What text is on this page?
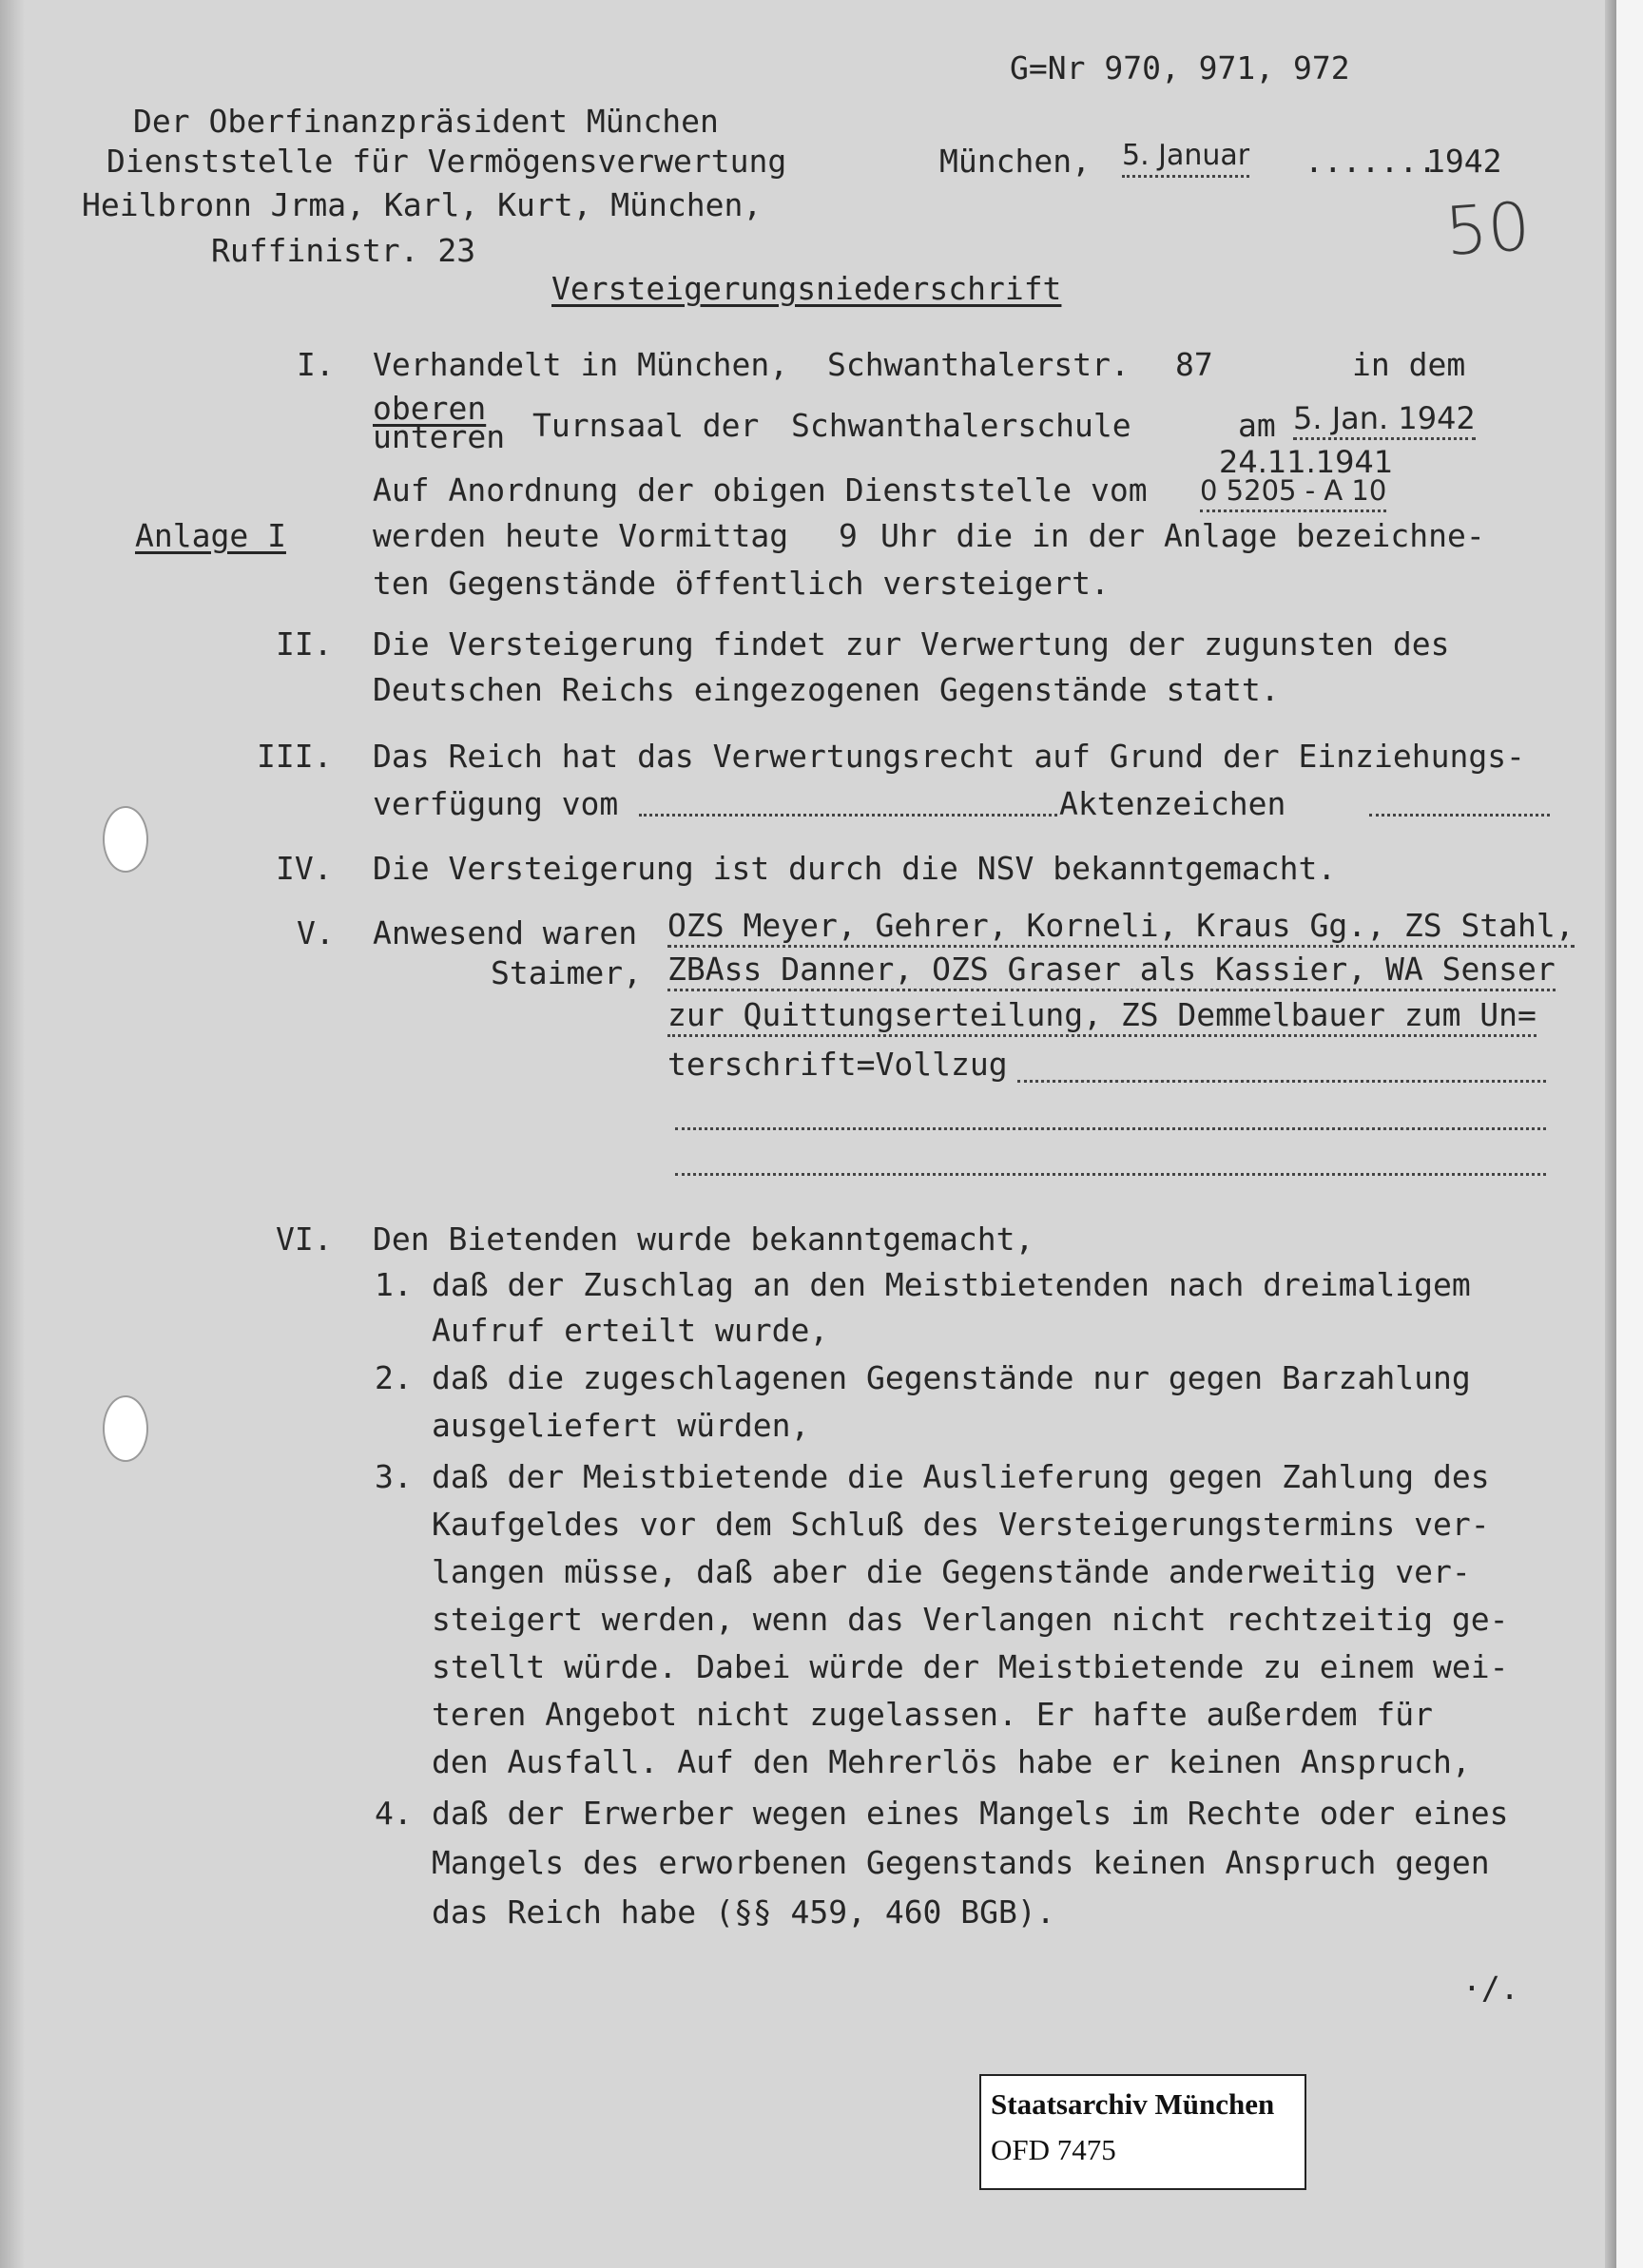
G=Nr 970, 971, 972
Der Oberfinanzpräsident München
Dienststelle für Vermögensverwertung	München, 5. Januar .......
1942
50
Heilbronn Jrma, Karl, Kurt, München,
Ruffinistr. 23
Versteigerungsniederschrift
I. Verhandelt in München, Schwanthalerstr. 87	in dem
oberen
unteren Turnsaal der Schwanthalerschule	am 5. Jan. 1942
24.11.1941
Auf Anordnung der obigen Dienststelle vom 0 5205 - A 10
Anlage I	werden heute Vormittag 9 Uhr die in der Anlage bezeichne-
ten Gegenstände öffentlich versteigert.
II. Die Versteigerung findet zur Verwertung der zugunsten des
Deutschen Reichs eingezogenen Gegenstände statt.
III. Das Reich hat das Verwertungsrecht auf Grund der Einziehungs-
verfügung vom	Aktenzeichen
IV. Die Versteigerung ist durch die NSV bekanntgemacht.
V. Anwesend waren OZS Meyer, Gehrer, Korneli, Kraus Gg., ZS Stahl,
Staimer, ZBAss Danner, OZS Graser als Kassier, WA Senser
zur Quittungserteilung, ZS Demmelbauer zum Un=
terschrift=Vollzug
VI. Den Bietenden wurde bekanntgemacht,
1. daß der Zuschlag an den Meistbietenden nach dreimaligem
Aufruf erteilt wurde,
2. daß die zugeschlagenen Gegenstände nur gegen Barzahlung
ausgeliefert würden,
3. daß der Meistbietende die Auslieferung gegen Zahlung des
Kaufgeldes vor dem Schluß des Versteigerungstermins ver-
langen müsse, daß aber die Gegenstände anderweitig ver-
steigert werden, wenn das Verlangen nicht rechtzeitig ge-
stellt würde. Dabei würde der Meistbietende zu einem wei-
teren Angebot nicht zugelassen. Er hafte außerdem für
den Ausfall. Auf den Mehrerlös habe er keinen Anspruch,
4. daß der Erwerber wegen eines Mangels im Rechte oder eines
Mangels des erworbenen Gegenstands keinen Anspruch gegen
das Reich habe (§§ 459, 460 BGB).
·/.
Staatsarchiv München
OFD 7475
